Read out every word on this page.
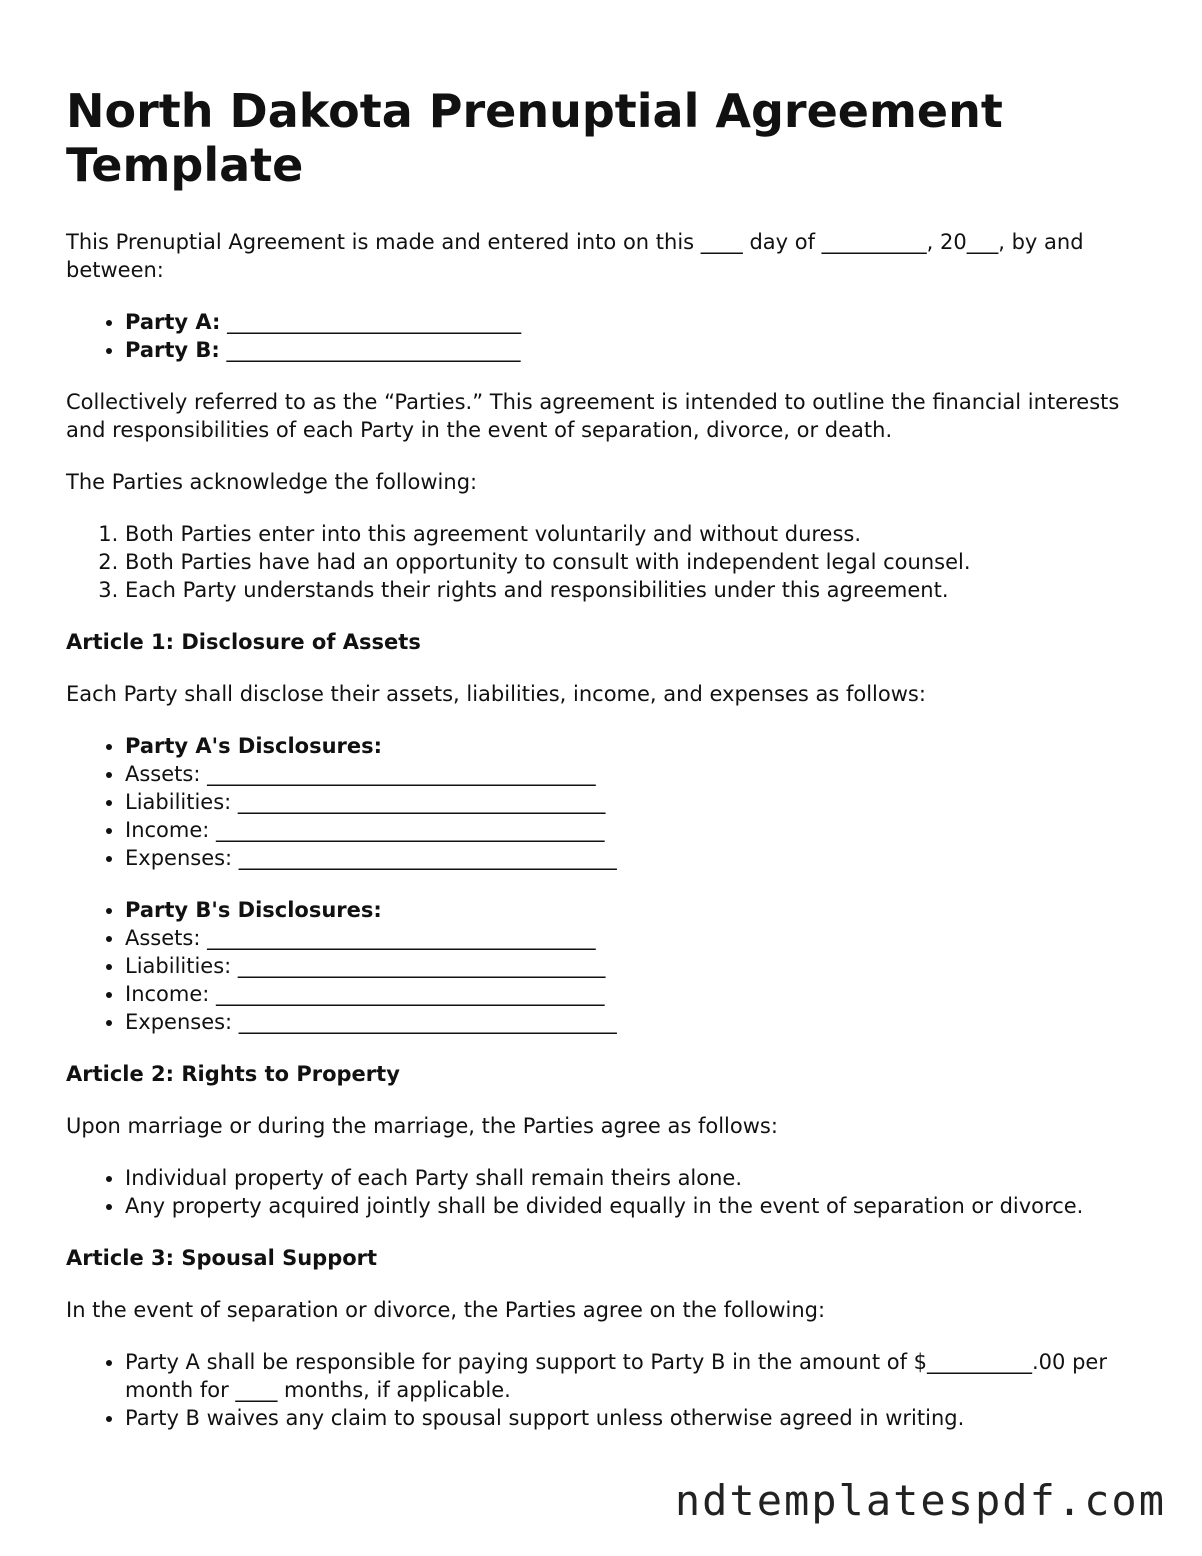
North Dakota Prenuptial Agreement Template

This Prenuptial Agreement is made and entered into on this ____ day of __________, 20___, by and between:

• Party A: ____________________________
• Party B: ____________________________

Collectively referred to as the “Parties.” This agreement is intended to outline the financial interests and responsibilities of each Party in the event of separation, divorce, or death.

The Parties acknowledge the following:

1. Both Parties enter into this agreement voluntarily and without duress.
2. Both Parties have had an opportunity to consult with independent legal counsel.
3. Each Party understands their rights and responsibilities under this agreement.
Article 1: Disclosure of Assets

Each Party shall disclose their assets, liabilities, income, and expenses as follows:

• Party A's Disclosures:
• Assets: _____________________________________
• Liabilities: ___________________________________
• Income: _____________________________________
• Expenses: ____________________________________
• Party B's Disclosures:
• Assets: _____________________________________
• Liabilities: ___________________________________
• Income: _____________________________________
• Expenses: ____________________________________
Article 2: Rights to Property

Upon marriage or during the marriage, the Parties agree as follows:

• Individual property of each Party shall remain theirs alone.
• Any property acquired jointly shall be divided equally in the event of separation or divorce.
Article 3: Spousal Support

In the event of separation or divorce, the Parties agree on the following:

• Party A shall be responsible for paying support to Party B in the amount of $__________.00 per month for ____ months, if applicable.
• Party B waives any claim to spousal support unless otherwise agreed in writing.
ndtemplatespdf.com
